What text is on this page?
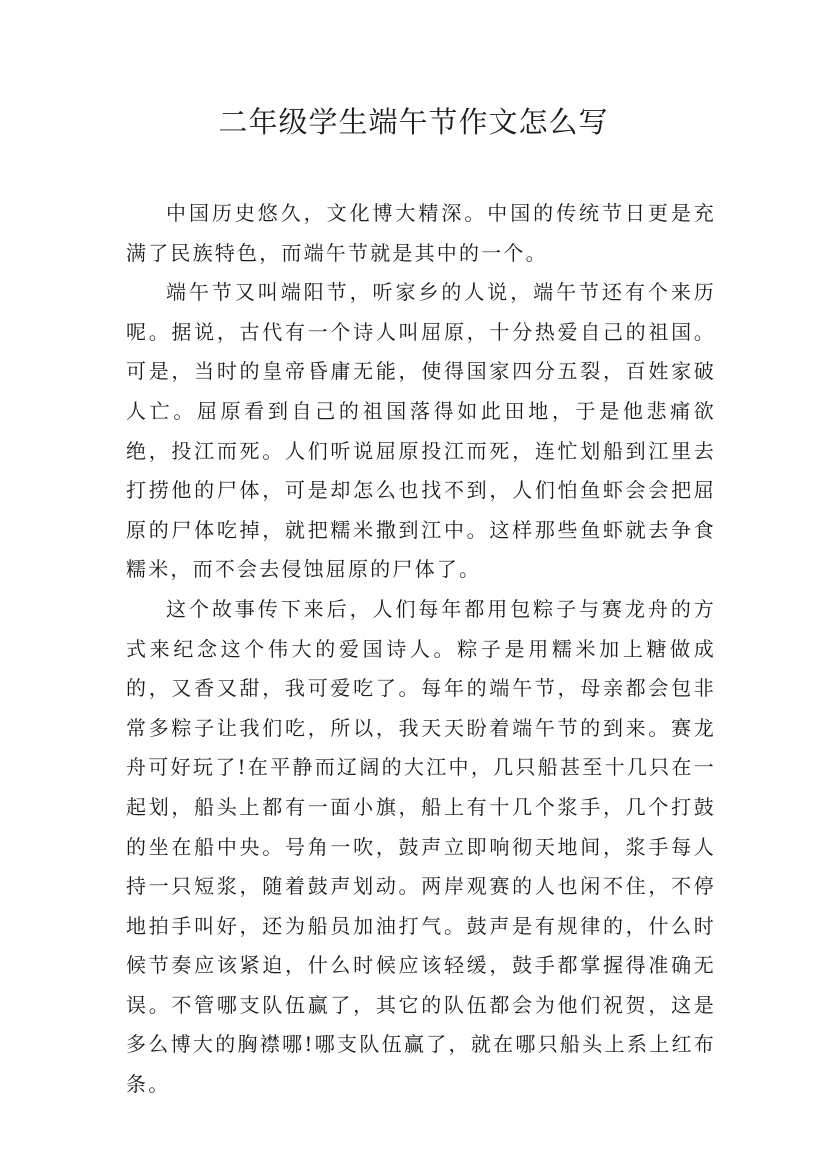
二年级学生端午节作文怎么写

中国历史悠久，文化博大精深。中国的传统节日更是充满了民族特色，而端午节就是其中的一个。

端午节又叫端阳节，听家乡的人说，端午节还有个来历呢。据说，古代有一个诗人叫屈原，十分热爱自己的祖国。可是，当时的皇帝昏庸无能，使得国家四分五裂，百姓家破人亡。屈原看到自己的祖国落得如此田地，于是他悲痛欲绝，投江而死。人们听说屈原投江而死，连忙划船到江里去打捞他的尸体，可是却怎么也找不到，人们怕鱼虾会会把屈原的尸体吃掉，就把糯米撒到江中。这样那些鱼虾就去争食糯米，而不会去侵蚀屈原的尸体了。

这个故事传下来后，人们每年都用包粽子与赛龙舟的方式来纪念这个伟大的爱国诗人。粽子是用糯米加上糖做成的，又香又甜，我可爱吃了。每年的端午节，母亲都会包非常多粽子让我们吃，所以，我天天盼着端午节的到来。赛龙舟可好玩了!在平静而辽阔的大江中，几只船甚至十几只在一起划，船头上都有一面小旗，船上有十几个浆手，几个打鼓的坐在船中央。号角一吹，鼓声立即响彻天地间，浆手每人持一只短浆，随着鼓声划动。两岸观赛的人也闲不住，不停地拍手叫好，还为船员加油打气。鼓声是有规律的，什么时候节奏应该紧迫，什么时候应该轻缓，鼓手都掌握得准确无误。不管哪支队伍赢了，其它的队伍都会为他们祝贺，这是多么博大的胸襟哪!哪支队伍赢了，就在哪只船头上系上红布条。
